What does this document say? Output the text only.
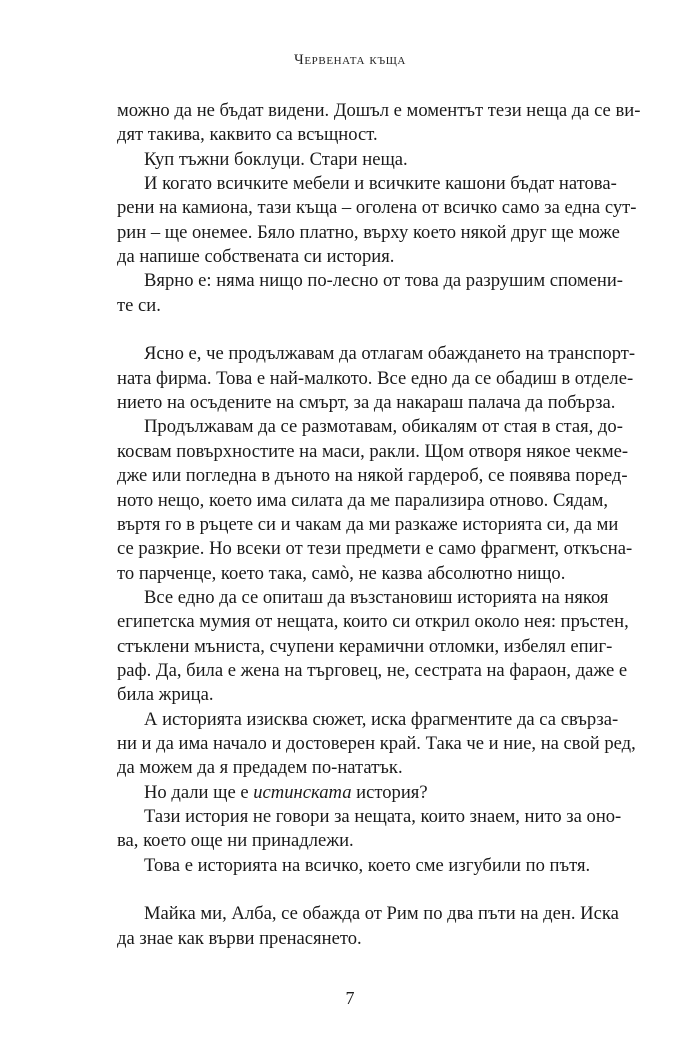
Червената къща
можно да не бъдат видени. Дошъл е моментът тези неща да се ви-
дят такива, каквито са всъщност.
Куп тъжни боклуци. Стари неща.
И когато всичките мебели и всичките кашони бъдат натова-
рени на камиона, тази къща – оголена от всичко само за една сут-
рин – ще онемее. Бяло платно, върху което някой друг ще може
да напише собствената си история.
Вярно е: няма нищо по-лесно от това да разрушим спомени-
те си.
Ясно е, че продължавам да отлагам обаждането на транспорт-
ната фирма. Това е най-малкото. Все едно да се обадиш в отделе-
нието на осъдените на смърт, за да накараш палача да побърза.
Продължавам да се размотавам, обикалям от стая в стая, до-
косвам повърхностите на маси, ракли. Щом отворя някое чекме-
дже или погледна в дъното на някой гардероб, се появява поред-
ното нещо, което има силата да ме парализира отново. Сядам,
въртя го в ръцете си и чакам да ми разкаже историята си, да ми
се разкрие. Но всеки от тези предмети е само фрагмент, откъсна-
то парченце, което така, самò, не казва абсолютно нищо.
Все едно да се опиташ да възстановиш историята на някоя
египетска мумия от нещата, които си открил около нея: пръстен,
стъклени мъниста, счупени керамични отломки, избелял епиг-
раф. Да, била е жена на търговец, не, сестрата на фараон, даже е
била жрица.
А историята изисква сюжет, иска фрагментите да са свърза-
ни и да има начало и достоверен край. Така че и ние, на свой ред,
да можем да я предадем по-нататък.
Но дали ще е истинската история?
Тази история не говори за нещата, които знаем, нито за оно-
ва, което още ни принадлежи.
Това е историята на всичко, което сме изгубили по пътя.
Майка ми, Алба, се обажда от Рим по два пъти на ден. Иска
да знае как върви пренасянето.
7
